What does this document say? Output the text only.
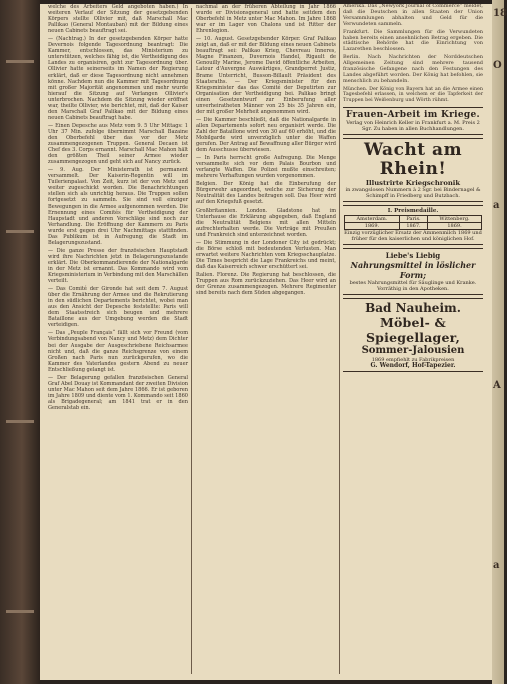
welche des Arbeiters Geld angeboten haben.) In weiteren Verlauf der Sitzung der gesetzgebenden Körpers stellte Ollivier mit, daß Marschall Mac Pallikao (General Montauban) mit der Bildung eines neuen Cabinets beauftragt sei.

— (Nachtrag.) In der gesetzgebenden Körper hatte Devernois folgende Tagesordnung beantragt: Die Kammer, entschlossen, das Ministerium zu unterstützen, welches fähig ist, die Vertheidigung des Landes zu organisiren, geht zur Tagesordnung über. Ollivier hatte seinerseits im Namen der Regierung erklärt, daß er diese Tagesordnung nicht annehmen könne. Nachdem nun die Kammer mit Tagesordnung mit großer Majorität angenommen und mehr wurde hierauf die Sitzung auf Verlangen Ollivier's unterbrochen. Nachdem die Sitzung wieder eröffnet war, theilte Ollivier, wie berichtet, mit, daß der Kaiser den Marschall Graf Palikao mit der Bildung eines neuen Cabinets beauftragt habe.

— Einen Depesche aus Metz vom 9. 5 Uhr Mittags: 1 Uhr 37 Min. zufolge übernimmt Marschall Bazaine den Oberbefehl über das vor der Metz zusammengezogenen Truppen. General Decaen ist Chef des 3. Corps ernannt. Marschall Mac Mahon hält den größten Theil seiner Armee wieder zusammengezogen und geht sich auf Nancy zurück.

— 9. Aug. Der Ministerrath ist permanent versammelt. Der Kaiserin-Regentin will im Tuilerienpalast. Von Zeit, kurz ist der von Metz und weiter zugeschickt worden. Die Benachrichtungen stellen sich als unrichtig heraus. Die Truppen sollen fortgesetzt zu sammeln. Sie sind voll einziger Bewegungen in die Armee aufgenommen werden. Die Ernennung eines Comités für Vertheidigung der Haupstadt und anderen Vorschläge sind noch zur Verhandlung. Die Eröffnung der Kammern zu Paris wurde erst gegen drei Uhr Nachmittags stattfinden. Das Publikum ist in Aufregung; die Stadt im Belagerungszustand.

— Die ganze Presse der französischen Hauptstadt wird ihre Nachrichten jetzt in Belagerungszustande erklärt. Die Oberkommandierende der Nationalgarde in der Metz ist ernannt. Das Kommando wird vom Kriegsministerium in Verbindung mit den Marschällen verteilt.

— Das Comité der Gironde hat seit dem 7. August über die Ernährung der Armee und die Rekrutierung in den südlichen Departements berichtet, wobei man aus den Ansicht der Depesche feststellte: Paris will dem Staatsstreich sich beugen und mehrere Bataillone aus der Umgebung werden die Stadt verteidigen.

— Das „Peuple Français“ fällt sich vor Freund (vom Verbindungsabend von Nancy und Metz) dem Dichter bei der Ausgabe der Ausgeschriebene Reichsarmee nicht und, daß die ganze Reichsgrenze von einem Großen nach Paris nun zurückgerufen, wo die Kammer des Vaterlandes gestern Abend zu neuer Entschließung gelangt ist.

— Der Belagerung gefallen französischen General Graf Abel Douay ist Kommandant der zweiten Division unter Mac Mahon seit dem Jahre 1866. Er ist geboren im Jahre 1809 und diente vom 1. Kommando seit 1860 als Brigadegeneral; am 1841 trat er in den Generalstab ein.

nachmal an der früheren Abteilung in Jahr 1866 wurde er Divisionsgeneral und hatte seitdem den Oberbefehl in Metz unter Mac Mahon. Im Jahre 1868 war er im Lager von Chalons und ist Ritter der Ehrenlegion.

— 10. August. Gesetzgebender Körper. Graf Palikao zeigt an, daß er mit der Bildung eines neuen Cabinets beauftragt sei: Palikao Krieg, Chevreau Inneres, Magne Finanzen, Duvernois Handel, Rigault de Genouilly Marine, Jerome David öffentliche Arbeiten, Latour d'Auvergne Auswärtiges, Grandperret Justiz, Brame Unterricht, Busson-Billault Präsident des Staatsraths. — Der Kriegsminister für den Kriegsminister das das Comité der Deputirten zur Organisation der Vertheidigung bei. Palikao bringt einen Gesetzentwurf zur Einberufung aller unverheiratheten Männer von 25 bis 35 Jahren ein, der mit großer Mehrheit angenommen wird.

— Die Kammer beschließt, daß die Nationalgarde in allen Departements sofort neu organisirt werde. Die Zahl der Bataillone wird von 30 auf 60 erhöht, und die Mobilgarde wird unverzüglich unter die Waffen gerufen. Der Antrag auf Bewaffnung aller Bürger wird dem Ausschusse überwiesen.

— In Paris herrscht große Aufregung. Die Menge versammelte sich vor dem Palais Bourbon und verlangte Waffen. Die Polizei mußte einschreiten; mehrere Verhaftungen wurden vorgenommen.

Belgien. Der König hat die Einberufung der Bürgerwehr angeordnet, welche zur Sicherung der Neutralität des Landes beitragen soll. Das Heer wird auf den Kriegsfuß gesetzt.

Großbritannien. London. Gladstone hat im Unterhause die Erklärung abgegeben, daß England die Neutralität Belgiens mit allen Mitteln aufrechterhalten werde. Die Verträge mit Preußen und Frankreich sind unterzeichnet worden.

— Die Stimmung in der Londoner City ist gedrückt; die Börse schloß mit bedeutenden Verlusten. Man erwartet weitere Nachrichten vom Kriegsschauplatze. Die Times bespricht die Lage Frankreichs und meint, daß das Kaiserreich schwer erschüttert sei.

Italien. Florenz. Die Regierung hat beschlossen, die Truppen aus Rom zurückzuziehen. Das Heer wird an der Grenze zusammengezogen. Mehrere Regimenter sind bereits nach dem Süden abgegangen.

Amerika. Das „Newyork Journal of Commerce“ meldet, daß die Deutschen in allen Staaten der Union Versammlungen abhalten und Geld für die Verwundeten sammeln.

Frankfurt. Die Sammlungen für die Verwundeten haben bereits einen ansehnlichen Betrag ergeben. Die städtische Behörde hat die Einrichtung von Lazarethen beschlossen.

Berlin. Nach Nachrichten der Norddeutschen Allgemeinen Zeitung sind mehrere tausend französische Gefangene nach den Festungen des Landes abgeführt worden. Der König hat befohlen, sie menschlich zu behandeln.

München. Der König von Bayern hat an die Armee einen Tagesbefehl erlassen, in welchem er die Tapferkeit der Truppen bei Weißenburg und Wörth rühmt.

Frauen-Arbeit im Kriege.
Verlag von Heinrich Keller in Frankfurt a. M. Preis 2 Sgr. Zu haben in allen Buchhandlungen.
Wacht am Rhein!
Illustrirte Kriegschronik
in zwangslosen Nummern à 2 Sgr. bei Bindernagel & Schimpff in Friedberg und Butzbach.
I. Preismedaille.
Amsterdam.	Paris.	Wittenberg.
1869.	1867.	1869.
Einzig vorzüglicher Ersatz der Ammenmilch 1869 und früher für den kaiserlichen und königlichen Hof.
Liebe's Liebig
Nahrungsmittel in löslicher Form;
bestes Nahrungsmittel für Säuglinge und Kranke. Vorräthig in den Apotheken.
Bad Nauheim.
Möbel- & Spiegellager,
Sommer-Jalousien
1869 empfiehlt zu Fabrikpreisen
G. Wendorf, Hof-Tapezier.
18
O
a
A
a
